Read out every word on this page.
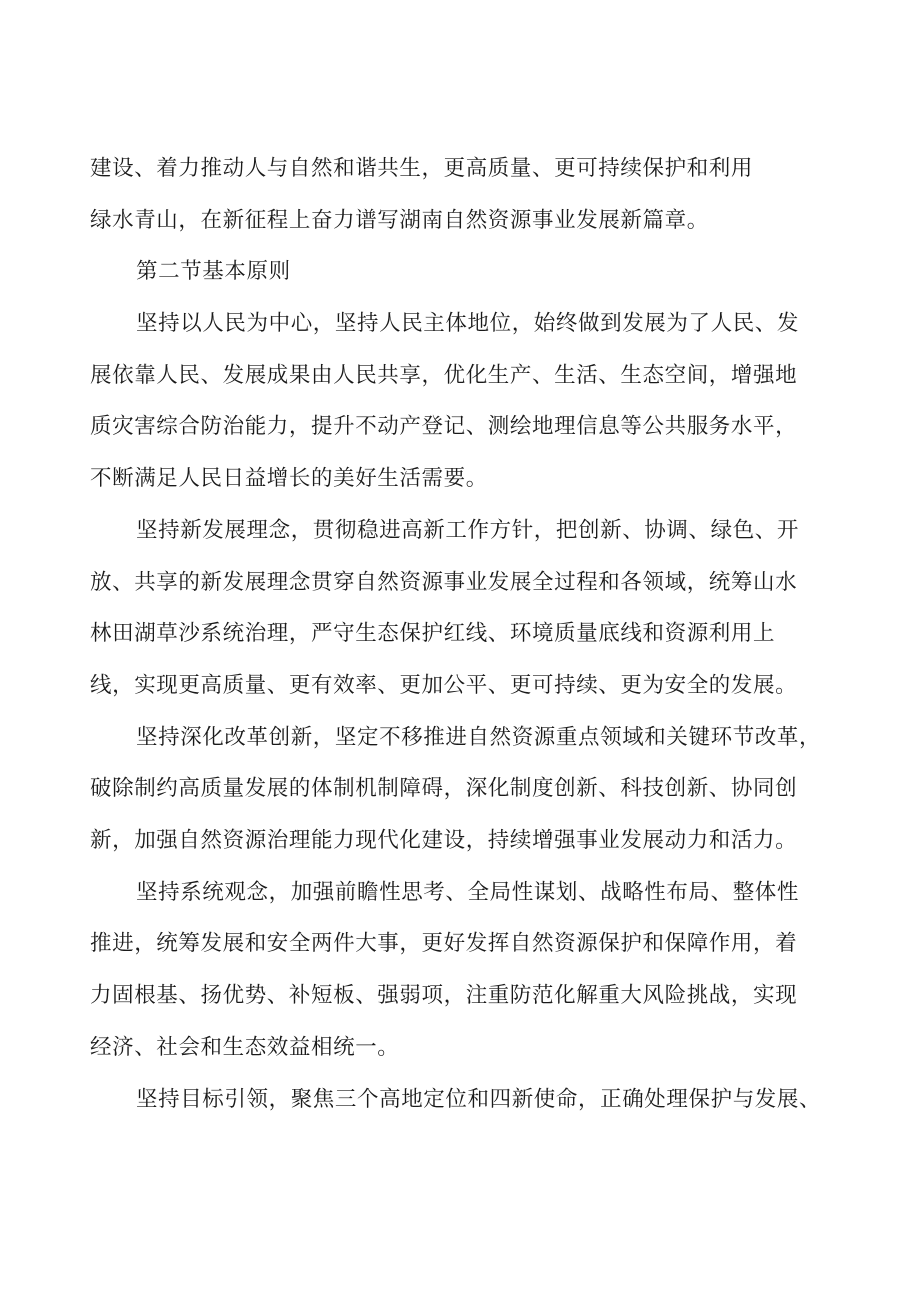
建设、着力推动人与自然和谐共生，更高质量、更可持续保护和利用
绿水青山，在新征程上奋力谱写湖南自然资源事业发展新篇章。
第二节基本原则
坚持以人民为中心，坚持人民主体地位，始终做到发展为了人民、发
展依靠人民、发展成果由人民共享，优化生产、生活、生态空间，增强地
质灾害综合防治能力，提升不动产登记、测绘地理信息等公共服务水平，
不断满足人民日益增长的美好生活需要。
坚持新发展理念，贯彻稳进高新工作方针，把创新、协调、绿色、开
放、共享的新发展理念贯穿自然资源事业发展全过程和各领域，统筹山水
林田湖草沙系统治理，严守生态保护红线、环境质量底线和资源利用上
线，实现更高质量、更有效率、更加公平、更可持续、更为安全的发展。
坚持深化改革创新，坚定不移推进自然资源重点领域和关键环节改革，
破除制约高质量发展的体制机制障碍，深化制度创新、科技创新、协同创
新，加强自然资源治理能力现代化建设，持续增强事业发展动力和活力。
坚持系统观念，加强前瞻性思考、全局性谋划、战略性布局、整体性
推进，统筹发展和安全两件大事，更好发挥自然资源保护和保障作用，着
力固根基、扬优势、补短板、强弱项，注重防范化解重大风险挑战，实现
经济、社会和生态效益相统一。
坚持目标引领，聚焦三个高地定位和四新使命，正确处理保护与发展、
